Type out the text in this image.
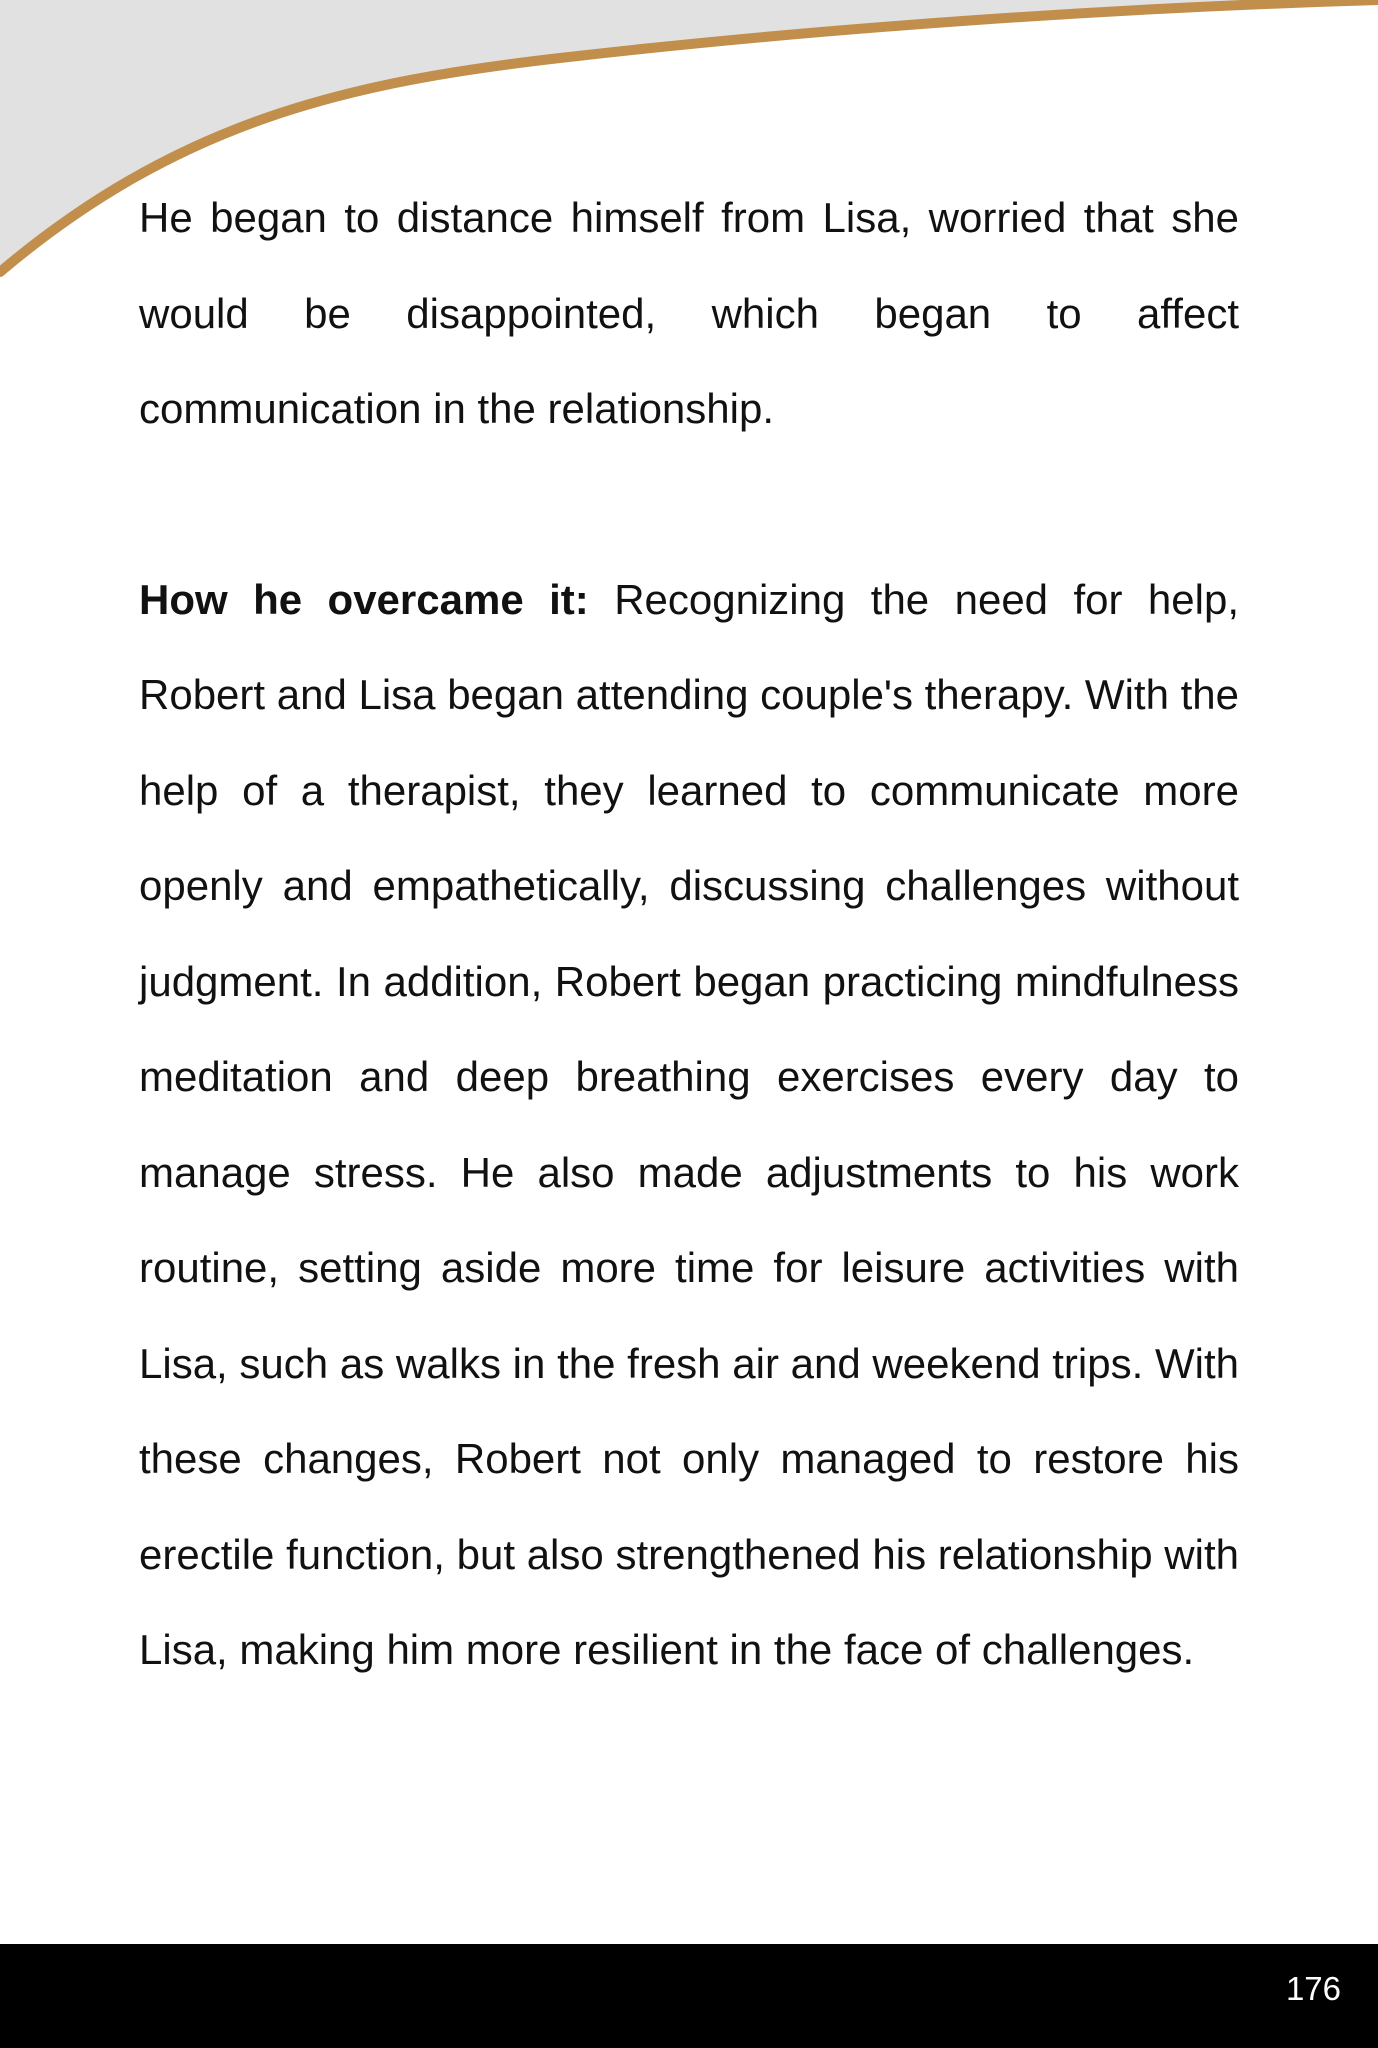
He began to distance himself from Lisa, worried that she would be disappointed, which began to affect communication in the relationship.

How he overcame it: Recognizing the need for help, Robert and Lisa began attending couple's therapy. With the help of a therapist, they learned to communicate more openly and empathetically, discussing challenges without judgment. In addition, Robert began practicing mindfulness meditation and deep breathing exercises every day to manage stress. He also made adjustments to his work routine, setting aside more time for leisure activities with Lisa, such as walks in the fresh air and weekend trips. With these changes, Robert not only managed to restore his erectile function, but also strengthened his relationship with Lisa, making him more resilient in the face of challenges.

176
